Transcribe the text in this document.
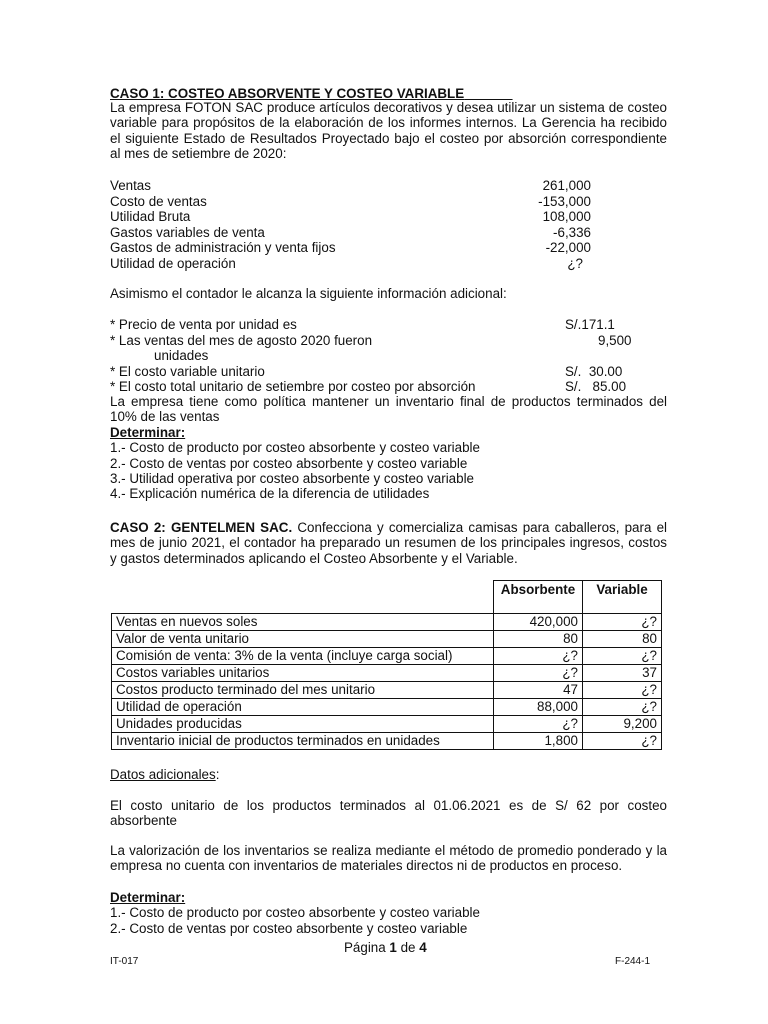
CASO 1: COSTEO ABSORVENTE Y COSTEO VARIABLE
La empresa FOTON SAC produce artículos decorativos y desea utilizar un sistema de costeo variable para propósitos de la elaboración de los informes internos. La Gerencia ha recibido el siguiente Estado de Resultados Proyectado bajo el costeo por absorción correspondiente al mes de setiembre de 2020:
Ventas	261,000
Costo de ventas	-153,000
Utilidad Bruta	108,000
Gastos variables de venta	-6,336
Gastos de administración y venta fijos	-22,000
Utilidad de operación	¿?
Asimismo el contador le alcanza la siguiente información adicional:
* Precio de venta por unidad es	S/.171.1
* Las ventas del mes de agosto 2020 fueron	9,500
unidades
* El costo variable unitario	S/.  30.00
* El costo total unitario de setiembre por costeo por absorción	S/.   85.00
La empresa tiene como política mantener un inventario final de productos terminados del 10% de las ventas
Determinar:
1.- Costo de producto por costeo absorbente y costeo variable
2.- Costo de ventas por costeo absorbente y costeo variable
3.- Utilidad operativa por costeo absorbente y costeo variable
4.- Explicación numérica de la diferencia de utilidades
CASO 2: GENTELMEN SAC. Confecciona y comercializa camisas para caballeros, para el mes de junio 2021, el contador ha preparado un resumen de los principales ingresos, costos y gastos determinados aplicando el Costeo Absorbente y el Variable.
	Absorbente	Variable
Ventas en nuevos soles	420,000	¿?
Valor de venta unitario	80	80
Comisión de venta: 3% de la venta (incluye carga social)	¿?	¿?
Costos variables unitarios	¿?	37
Costos producto terminado del mes unitario	47	¿?
Utilidad de operación	88,000	¿?
Unidades producidas	¿?	9,200
Inventario inicial de productos terminados en unidades	1,800	¿?
Datos adicionales:
El costo unitario de los productos terminados al 01.06.2021 es de S/ 62 por costeo absorbente
La valorización de los inventarios se realiza mediante el método de promedio ponderado y la empresa no cuenta con inventarios de materiales directos ni de productos en proceso.
Determinar:
1.- Costo de producto por costeo absorbente y costeo variable
2.- Costo de ventas por costeo absorbente y costeo variable
Página 1 de 4
IT-017	F-244-1
